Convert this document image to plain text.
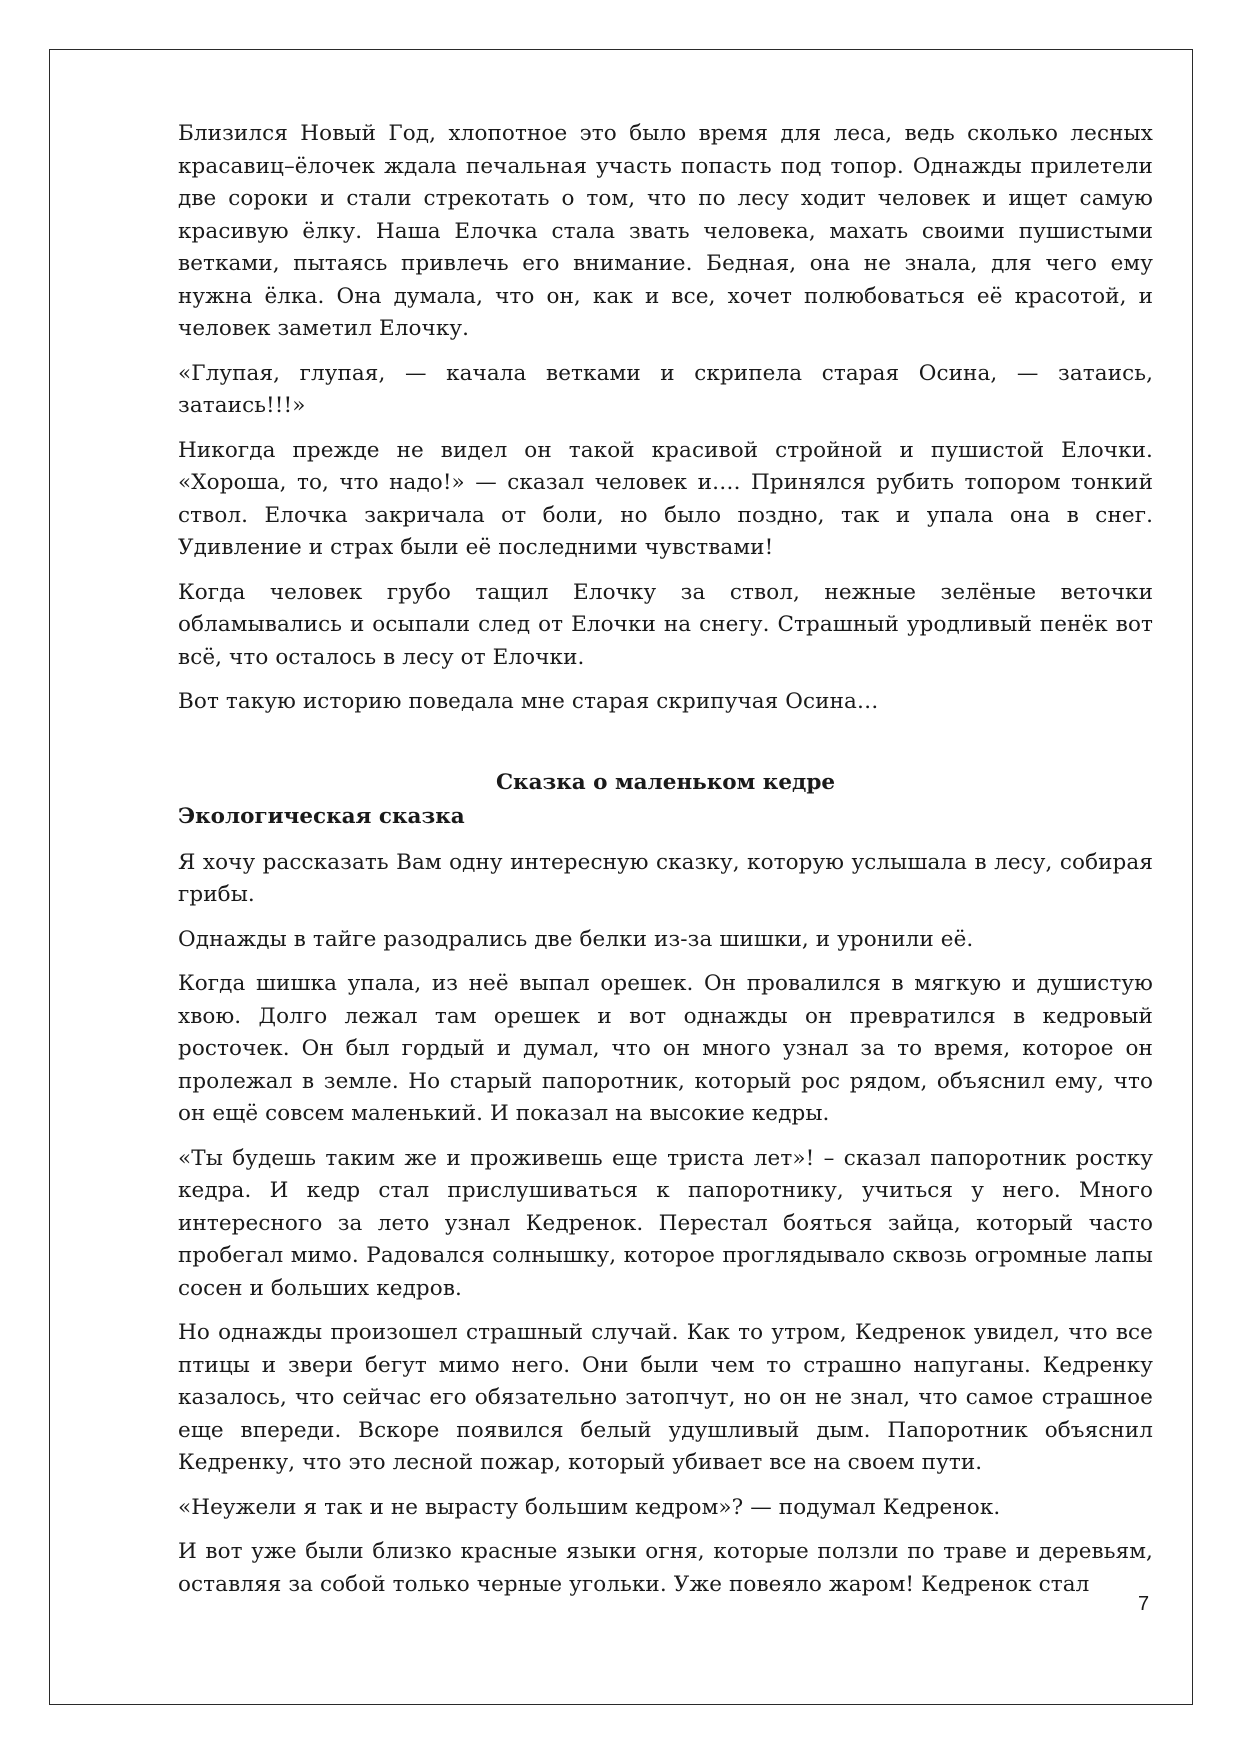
Близился Новый Год, хлопотное это было время для леса, ведь сколько лесных красавиц–ёлочек ждала печальная участь попасть под топор. Однажды прилетели две сороки и стали стрекотать о том, что по лесу ходит человек и ищет самую красивую ёлку. Наша Елочка стала звать человека, махать своими пушистыми ветками, пытаясь привлечь его внимание. Бедная, она не знала, для чего ему нужна ёлка. Она думала, что он, как и все, хочет полюбоваться её красотой, и человек заметил Елочку.

«Глупая, глупая, — качала ветками и скрипела старая Осина, — затаись, затаись!!!»

Никогда прежде не видел он такой красивой стройной и пушистой Елочки. «Хороша, то, что надо!» — сказал человек и…. Принялся рубить топором тонкий ствол. Елочка закричала от боли, но было поздно, так и упала она в снег. Удивление и страх были её последними чувствами!

Когда человек грубо тащил Елочку за ствол, нежные зелёные веточки обламывались и осыпали след от Елочки на снегу. Страшный уродливый пенёк вот всё, что осталось в лесу от Елочки.

Вот такую историю поведала мне старая скрипучая Осина…

Сказка о маленьком кедре
Экологическая сказка

Я хочу рассказать Вам одну интересную сказку, которую услышала в лесу, собирая грибы.

Однажды в тайге разодрались две белки из-за шишки, и уронили её.

Когда шишка упала, из неё выпал орешек. Он провалился в мягкую и душистую хвою. Долго лежал там орешек и вот однажды он превратился в кедровый росточек. Он был гордый и думал, что он много узнал за то время, которое он пролежал в земле. Но старый папоротник, который рос рядом, объяснил ему, что он ещё совсем маленький. И показал на высокие кедры.

«Ты будешь таким же и проживешь еще триста лет»! – сказал папоротник ростку кедра. И кедр стал прислушиваться к папоротнику, учиться у него. Много интересного за лето узнал Кедренок. Перестал бояться зайца, который часто пробегал мимо. Радовался солнышку, которое проглядывало сквозь огромные лапы сосен и больших кедров.

Но однажды произошел страшный случай. Как то утром, Кедренок увидел, что все птицы и звери бегут мимо него. Они были чем то страшно напуганы. Кедренку казалось, что сейчас его обязательно затопчут, но он не знал, что самое страшное еще впереди. Вскоре появился белый удушливый дым. Папоротник объяснил Кедренку, что это лесной пожар, который убивает все на своем пути.

«Неужели я так и не вырасту большим кедром»? — подумал Кедренок.

И вот уже были близко красные языки огня, которые ползли по траве и деревьям, оставляя за собой только черные угольки. Уже повеяло жаром! Кедренок стал

7
